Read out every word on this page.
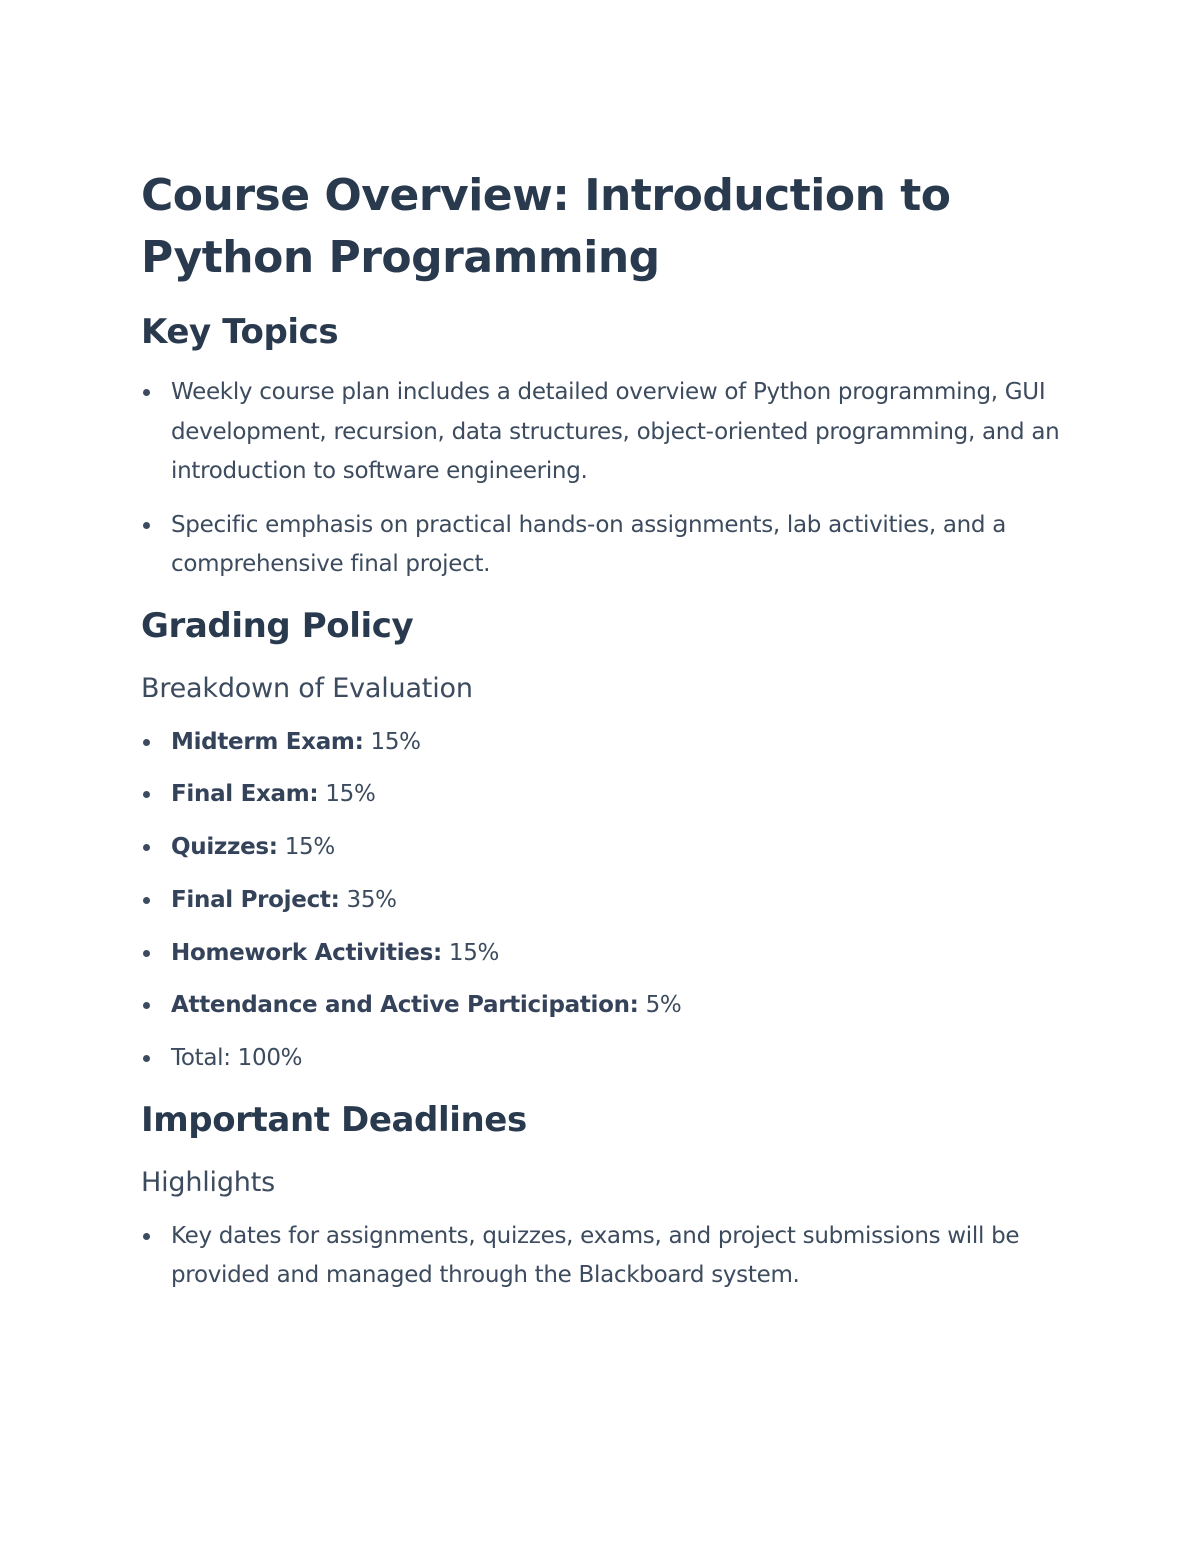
Course Overview: Introduction to Python Programming
Key Topics
Weekly course plan includes a detailed overview of Python programming, GUI development, recursion, data structures, object-oriented programming, and an introduction to software engineering.
Specific emphasis on practical hands-on assignments, lab activities, and a comprehensive final project.
Grading Policy
Breakdown of Evaluation
Midterm Exam: 15%
Final Exam: 15%
Quizzes: 15%
Final Project: 35%
Homework Activities: 15%
Attendance and Active Participation: 5%
Total: 100%
Important Deadlines
Highlights
Key dates for assignments, quizzes, exams, and project submissions will be provided and managed through the Blackboard system.
